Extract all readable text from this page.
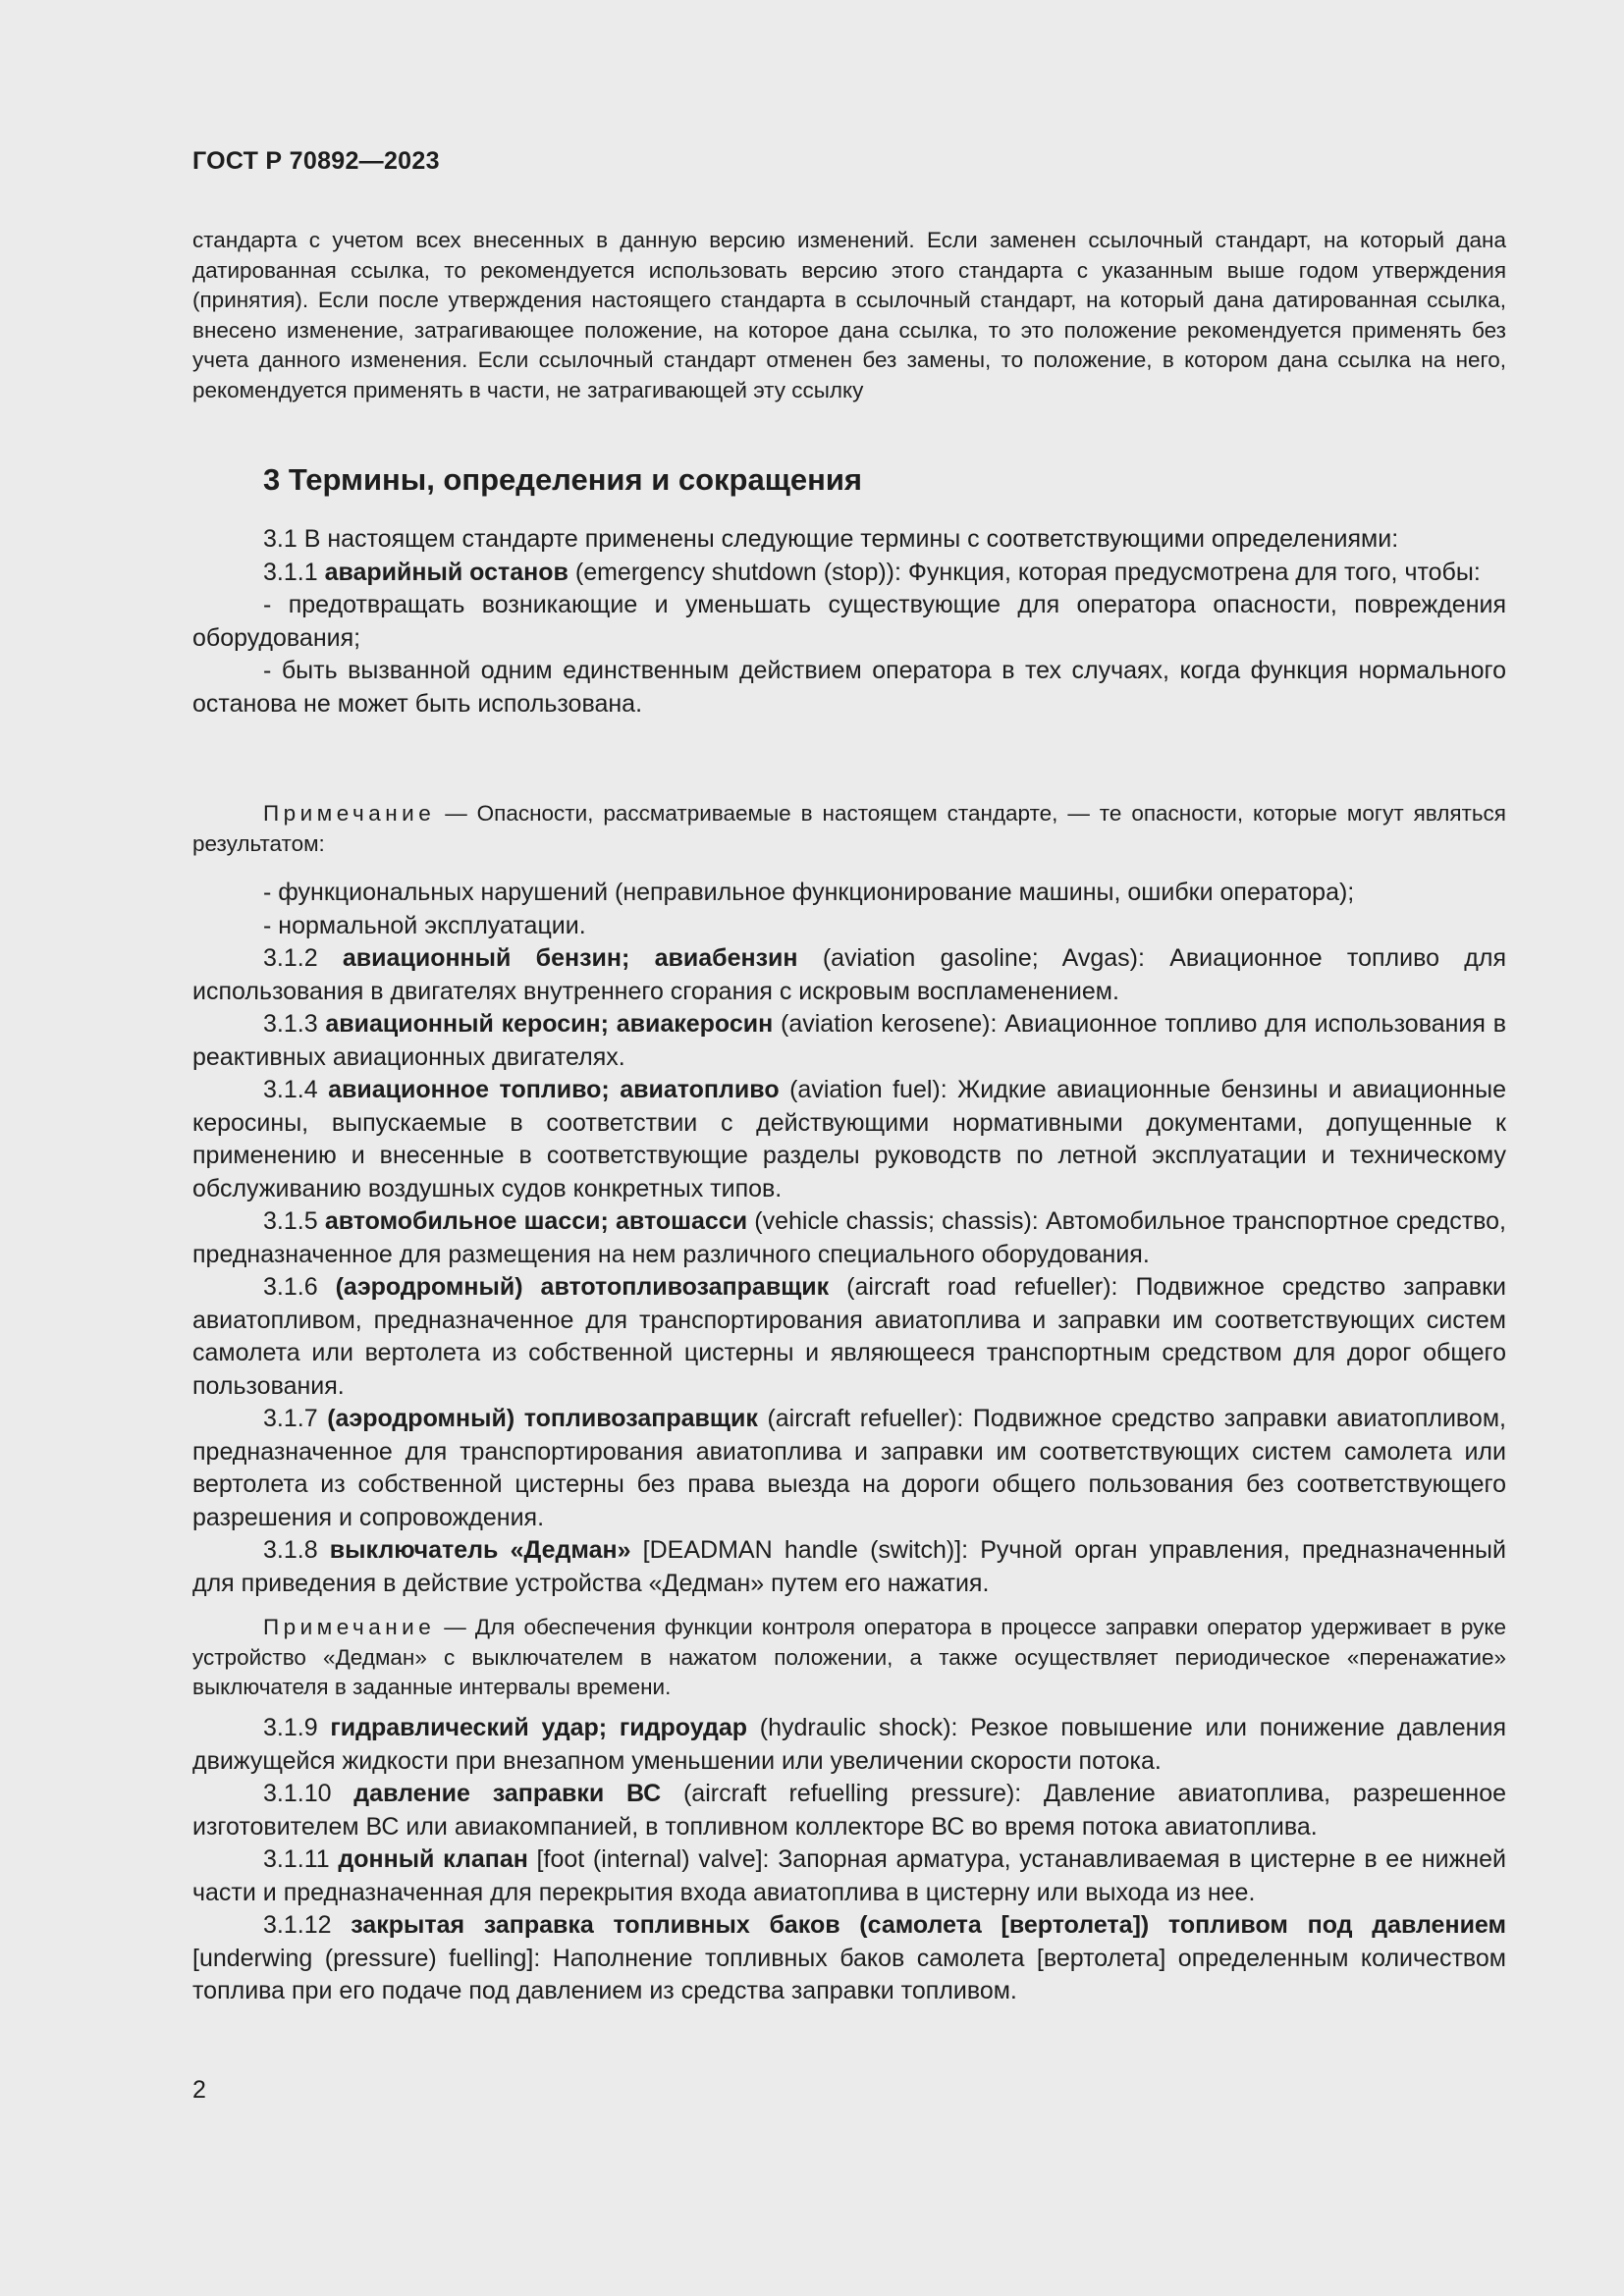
ГОСТ Р 70892—2023
стандарта с учетом всех внесенных в данную версию изменений. Если заменен ссылочный стандарт, на который дана датированная ссылка, то рекомендуется использовать версию этого стандарта с указанным выше годом утверждения (принятия). Если после утверждения настоящего стандарта в ссылочный стандарт, на который дана датированная ссылка, внесено изменение, затрагивающее положение, на которое дана ссылка, то это положение рекомендуется применять без учета данного изменения. Если ссылочный стандарт отменен без замены, то положение, в котором дана ссылка на него, рекомендуется применять в части, не затрагивающей эту ссылку
3 Термины, определения и сокращения

3.1 В настоящем стандарте применены следующие термины с соответствующими определениями:

3.1.1 аварийный останов (emergency shutdown (stop)): Функция, которая предусмотрена для того, чтобы:

- предотвращать возникающие и уменьшать существующие для оператора опасности, повреждения оборудования;

- быть вызванной одним единственным действием оператора в тех случаях, когда функция нормального останова не может быть использована.

Примечание — Опасности, рассматриваемые в настоящем стандарте, — те опасности, которые могут являться результатом:

- функциональных нарушений (неправильное функционирование машины, ошибки оператора);

- нормальной эксплуатации.

3.1.2 авиационный бензин; авиабензин (aviation gasoline; Avgas): Авиационное топливо для использования в двигателях внутреннего сгорания с искровым воспламенением.

3.1.3 авиационный керосин; авиакеросин (aviation kerosene): Авиационное топливо для использования в реактивных авиационных двигателях.

3.1.4 авиационное топливо; авиатопливо (aviation fuel): Жидкие авиационные бензины и авиационные керосины, выпускаемые в соответствии с действующими нормативными документами, допущенные к применению и внесенные в соответствующие разделы руководств по летной эксплуатации и техническому обслуживанию воздушных судов конкретных типов.

3.1.5 автомобильное шасси; автошасси (vehicle chassis; chassis): Автомобильное транспортное средство, предназначенное для размещения на нем различного специального оборудования.

3.1.6 (аэродромный) автотопливозаправщик (aircraft road refueller): Подвижное средство заправки авиатопливом, предназначенное для транспортирования авиатоплива и заправки им соответствующих систем самолета или вертолета из собственной цистерны и являющееся транспортным средством для дорог общего пользования.

3.1.7 (аэродромный) топливозаправщик (aircraft refueller): Подвижное средство заправки авиатопливом, предназначенное для транспортирования авиатоплива и заправки им соответствующих систем самолета или вертолета из собственной цистерны без права выезда на дороги общего пользования без соответствующего разрешения и сопровождения.

3.1.8 выключатель «Дедман» [DEADMAN handle (switch)]: Ручной орган управления, предназначенный для приведения в действие устройства «Дедман» путем его нажатия.

Примечание — Для обеспечения функции контроля оператора в процессе заправки оператор удерживает в руке устройство «Дедман» с выключателем в нажатом положении, а также осуществляет периодическое «перенажатие» выключателя в заданные интервалы времени.

3.1.9 гидравлический удар; гидроудар (hydraulic shock): Резкое повышение или понижение давления движущейся жидкости при внезапном уменьшении или увеличении скорости потока.

3.1.10 давление заправки ВС (aircraft refuelling pressure): Давление авиатоплива, разрешенное изготовителем ВС или авиакомпанией, в топливном коллекторе ВС во время потока авиатоплива.

3.1.11 донный клапан [foot (internal) valve]: Запорная арматура, устанавливаемая в цистерне в ее нижней части и предназначенная для перекрытия входа авиатоплива в цистерну или выхода из нее.

3.1.12 закрытая заправка топливных баков (самолета [вертолета]) топливом под давлением [underwing (pressure) fuelling]: Наполнение топливных баков самолета [вертолета] определенным количеством топлива при его подаче под давлением из средства заправки топливом.

2
